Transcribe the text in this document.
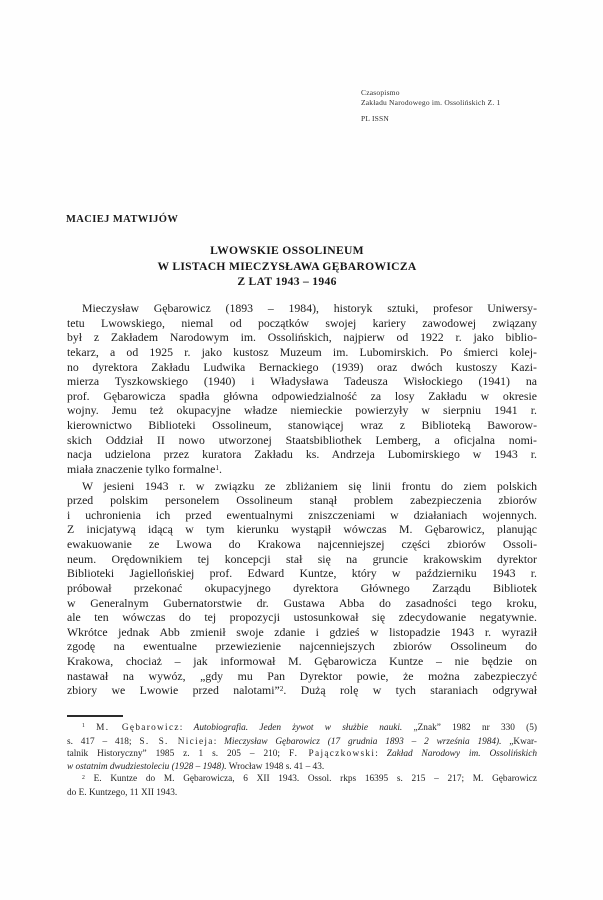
Czasopismo
Zakładu Narodowego im. Ossolińskich Z. 1
PL ISSN
MACIEJ MATWIJÓW
LWOWSKIE OSSOLINEUM
W LISTACH MIECZYSŁAWA GĘBAROWICZA
Z LAT 1943 – 1946
Mieczysław Gębarowicz (1893 – 1984), historyk sztuki, profesor Uniwersy-
tetu Lwowskiego, niemal od początków swojej kariery zawodowej związany
był z Zakładem Narodowym im. Ossolińskich, najpierw od 1922 r. jako biblio-
tekarz, a od 1925 r. jako kustosz Muzeum im. Lubomirskich. Po śmierci kolej-
no dyrektora Zakładu Ludwika Bernackiego (1939) oraz dwóch kustoszy Kazi-
mierza Tyszkowskiego (1940) i Władysława Tadeusza Wisłockiego (1941) na
prof. Gębarowicza spadła główna odpowiedzialność za losy Zakładu w okresie
wojny. Jemu też okupacyjne władze niemieckie powierzyły w sierpniu 1941 r.
kierownictwo Biblioteki Ossolineum, stanowiącej wraz z Biblioteką Baworow-
skich Oddział II nowo utworzonej Staatsbibliothek Lemberg, a oficjalna nomi-
nacja udzielona przez kuratora Zakładu ks. Andrzeja Lubomirskiego w 1943 r.
miała znaczenie tylko formalne$^1$.
W jesieni 1943 r. w związku ze zbliżaniem się linii frontu do ziem polskich
przed polskim personelem Ossolineum stanął problem zabezpieczenia zbiorów
i uchronienia ich przed ewentualnymi zniszczeniami w działaniach wojennych.
Z inicjatywą idącą w tym kierunku wystąpił wówczas M. Gębarowicz, planując
ewakuowanie ze Lwowa do Krakowa najcenniejszej części zbiorów Ossoli-
neum. Orędownikiem tej koncepcji stał się na gruncie krakowskim dyrektor
Biblioteki Jagiellońskiej prof. Edward Kuntze, który w październiku 1943 r.
próbował przekonać okupacyjnego dyrektora Głównego Zarządu Bibliotek
w Generalnym Gubernatorstwie dr. Gustawa Abba do zasadności tego kroku,
ale ten wówczas do tej propozycji ustosunkował się zdecydowanie negatywnie.
Wkrótce jednak Abb zmienił swoje zdanie i gdzieś w listopadzie 1943 r. wyraził
zgodę na ewentualne przewiezienie najcenniejszych zbiorów Ossolineum do
Krakowa, chociaż – jak informował M. Gębarowicza Kuntze – nie będzie on
nastawał na wywóz, „gdy mu Pan Dyrektor powie, że można zabezpieczyć
zbiory we Lwowie przed nalotami”$^2$. Dużą rolę w tych staraniach odgrywał
$^1$ M. Gębarowicz: Autobiografia. Jeden żywot w służbie nauki. „Znak” 1982 nr 330 (5)
s. 417 – 418; S. S. Nicieja: Mieczysław Gębarowicz (17 grudnia 1893 – 2 września 1984). „Kwar-
talnik Historyczny” 1985 z. 1 s. 205 – 210; F. Pajączkowski: Zakład Narodowy im. Ossolińskich
w ostatnim dwudziestoleciu (1928 – 1948). Wrocław 1948 s. 41 – 43.
$^2$ E. Kuntze do M. Gębarowicza, 6 XII 1943. Ossol. rkps 16395 s. 215 – 217; M. Gębarowicz
do E. Kuntzego, 11 XII 1943.
